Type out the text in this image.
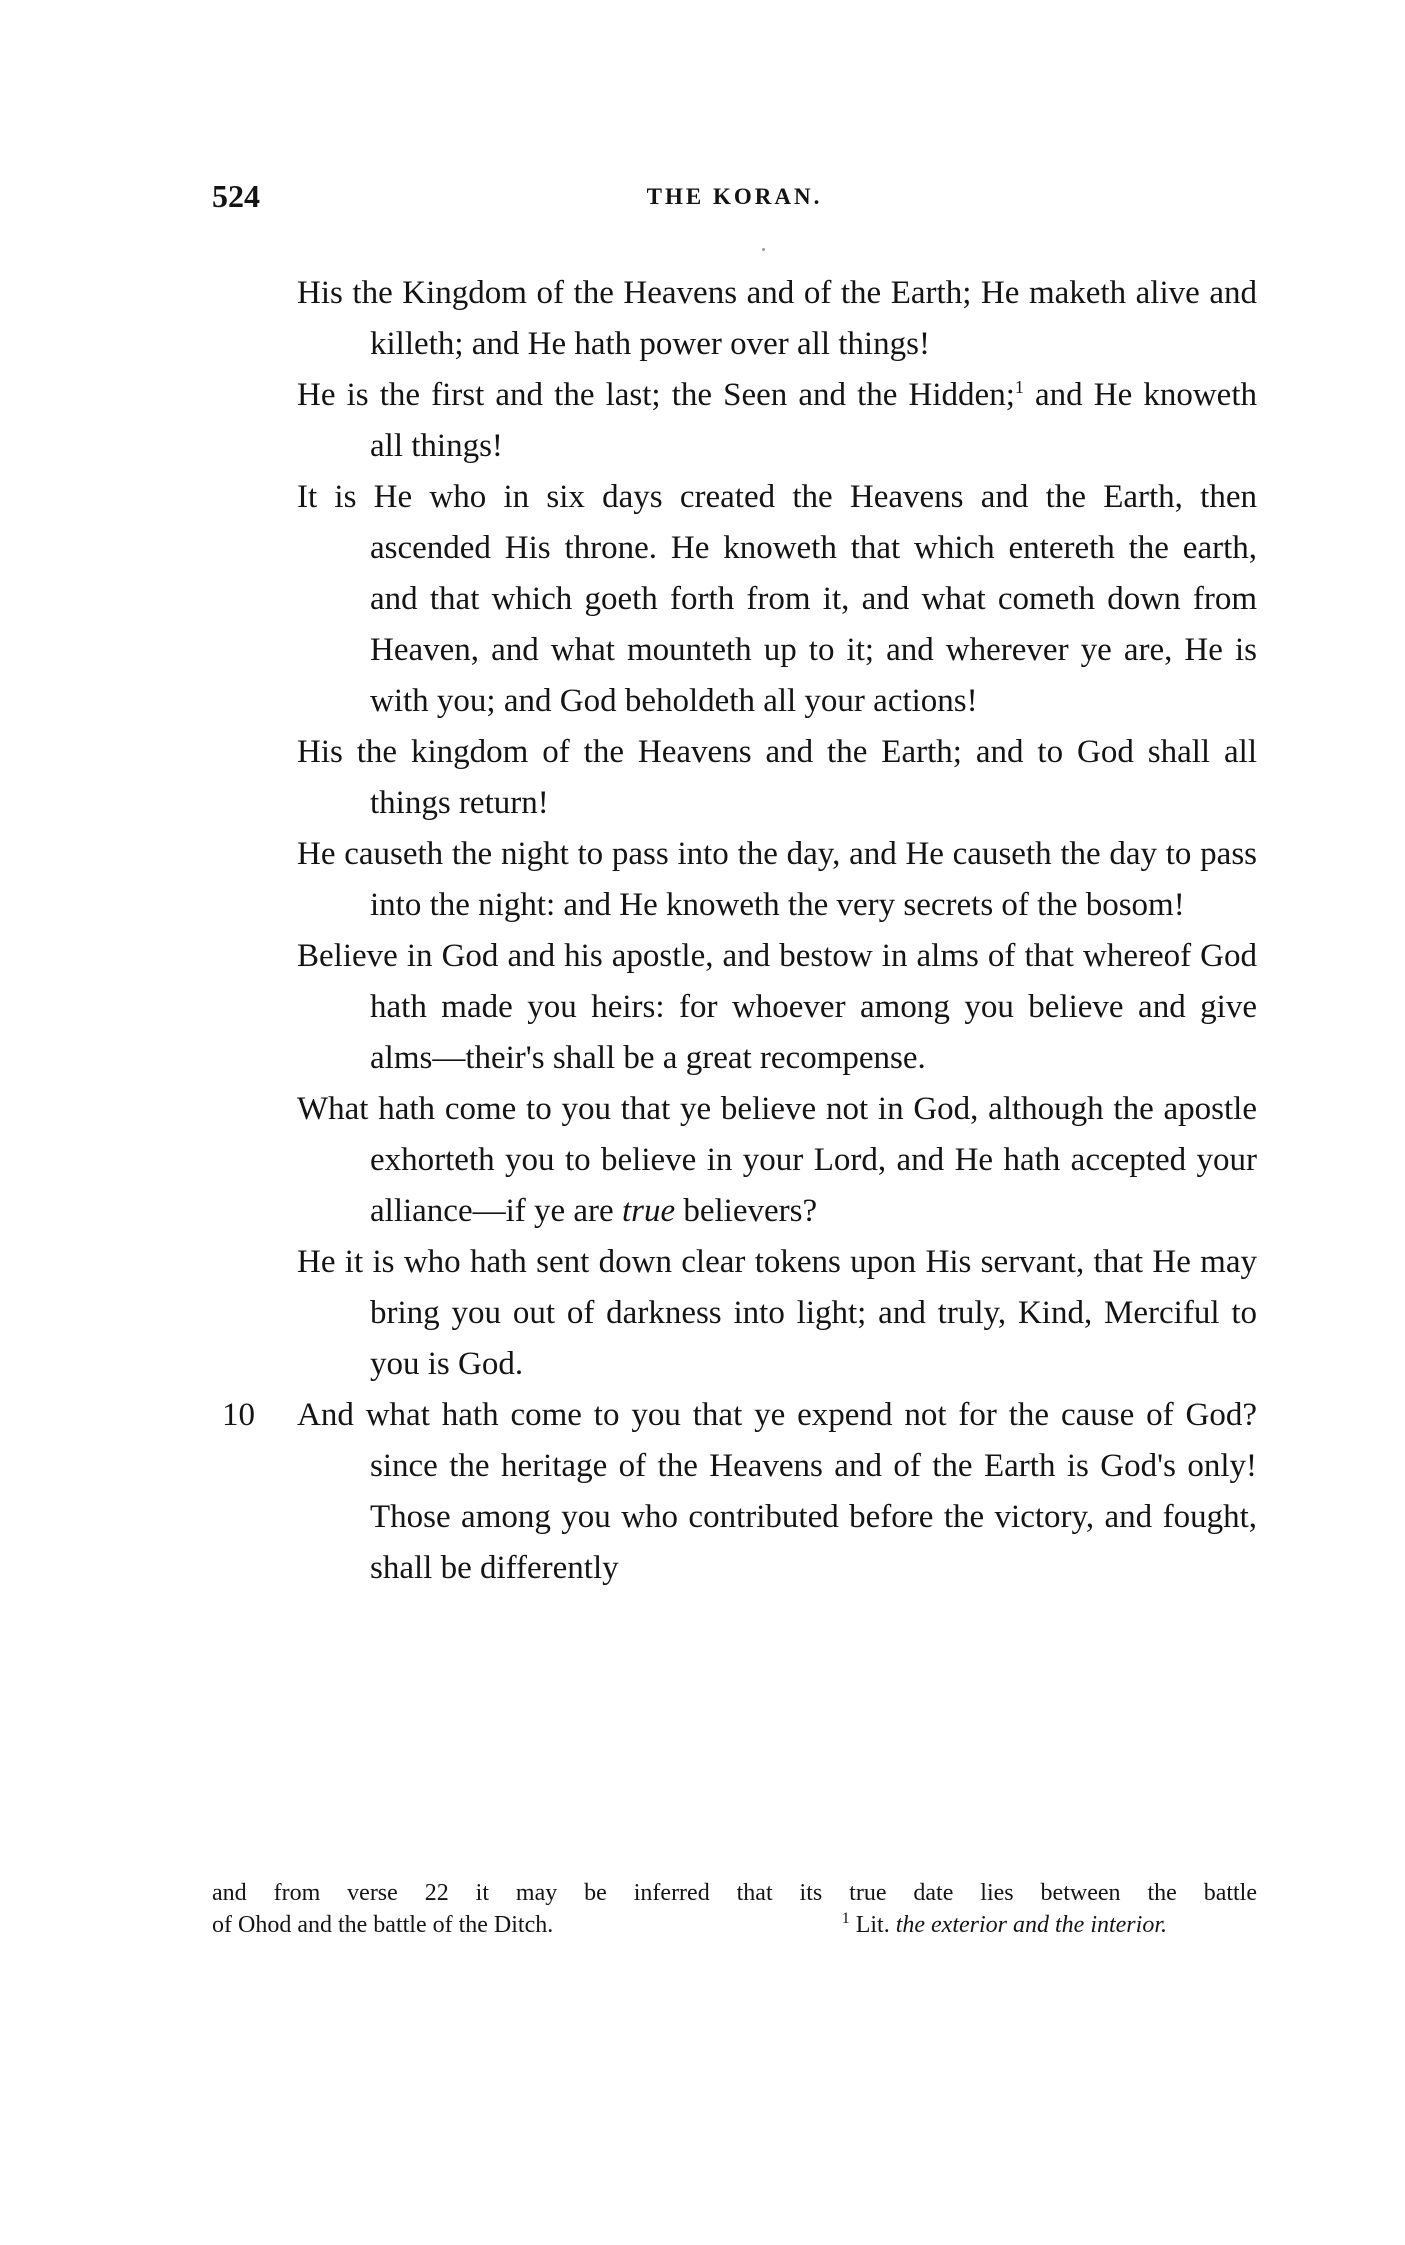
524	THE KORAN.

His the Kingdom of the Heavens and of the Earth; He maketh alive and killeth; and He hath power over all things!

He is the first and the last; the Seen and the Hidden;$^1$ and He knoweth all things!

It is He who in six days created the Heavens and the Earth, then ascended His throne. He knoweth that which entereth the earth, and that which goeth forth from it, and what cometh down from Heaven, and what mounteth up to it; and wherever ye are, He is with you; and God beholdeth all your actions!

His the kingdom of the Heavens and the Earth; and to God shall all things return!

He causeth the night to pass into the day, and He causeth the day to pass into the night: and He knoweth the very secrets of the bosom!

Believe in God and his apostle, and bestow in alms of that whereof God hath made you heirs: for whoever among you believe and give alms—their's shall be a great recompense.

What hath come to you that ye believe not in God, although the apostle exhorteth you to believe in your Lord, and He hath accepted your alliance—if ye are true believers?

He it is who hath sent down clear tokens upon His servant, that He may bring you out of darkness into light; and truly, Kind, Merciful to you is God.

10 And what hath come to you that ye expend not for the cause of God? since the heritage of the Heavens and of the Earth is God's only! Those among you who contributed before the victory, and fought, shall be differently

and from verse 22 it may be inferred that its true date lies between the battle
of Ohod and the battle of the Ditch.	$^1$ Lit. the exterior and the interior.
